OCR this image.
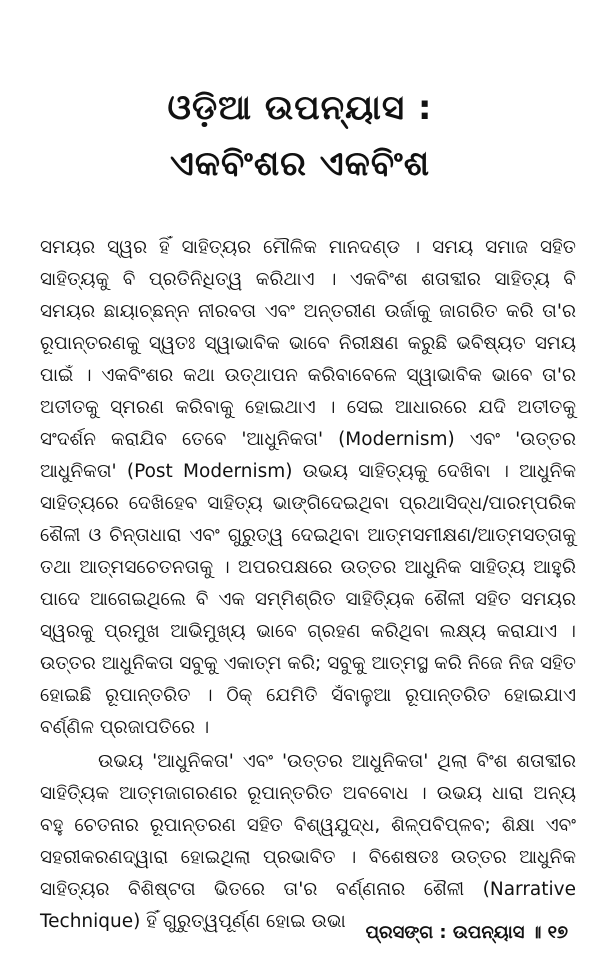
ଓଡ଼ିଆ ଉପନ୍ୟାସ :
ଏକବିଂଶର ଏକବିଂଶ

ସମୟର ସ୍ୱର ହିଁ ସାହିତ୍ୟର ମୌଳିକ ମାନଦଣ୍ଡ । ସମୟ ସମାଜ ସହିତ ସାହିତ୍ୟକୁ ବି ପ୍ରତିନିଧିତ୍ୱ କରିଥାଏ । ଏକବିଂଶ ଶତାବ୍ଦୀର ସାହିତ୍ୟ ବି ସମୟର ଛାୟାଚ୍ଛନ୍ନ ନୀରବତା ଏବଂ ଅନ୍ତରୀଣ ଉର୍ଜାକୁ ଜାଗରିତ କରି ତା'ର ରୂପାନ୍ତରଣକୁ ସ୍ୱତଃ ସ୍ୱାଭାବିକ ଭାବେ ନିରୀକ୍ଷଣ କରୁଛି ଭବିଷ୍ୟତ ସମୟ ପାଇଁ । ଏକବିଂଶର କଥା ଉତ୍‌ଥାପନ କରିବାବେଳେ ସ୍ୱାଭାବିକ ଭାବେ ତା'ର ଅତୀତକୁ ସ୍ମରଣ କରିବାକୁ ହୋଇଥାଏ । ସେଇ ଆଧାରରେ ଯଦି ଅତୀତକୁ ସଂଦର୍ଶନ କରାଯିବ ତେବେ 'ଆଧୁନିକତା' (Modernism) ଏବଂ 'ଉତ୍ତର ଆଧୁନିକତା' (Post Modernism) ଉଭୟ ସାହିତ୍ୟକୁ ଦେଖିବା । ଆଧୁନିକ ସାହିତ୍ୟରେ ଦେଖିହେବ ସାହିତ୍ୟ ଭାଙ୍ଗିଦେଇଥିବା ପ୍ରଥାସିଦ୍ଧ/ପାରମ୍ପରିକ ଶୈଳୀ ଓ ଚିନ୍ତାଧାରା ଏବଂ ଗୁରୁତ୍ୱ ଦେଇଥିବା ଆତ୍ମସମୀକ୍ଷଣ/ଆତ୍ମସତ୍ତାକୁ ତଥା ଆତ୍ମସଚେତନତାକୁ । ଅପରପକ୍ଷରେ ଉତ୍ତର ଆଧୁନିକ ସାହିତ୍ୟ ଆହୁରି ପାଦେ ଆଗେଇଥିଲେ ବି ଏକ ସମ୍ମିଶ୍ରିତ ସାହିତ୍ୟିକ ଶୈଳୀ ସହିତ ସମୟର ସ୍ୱରକୁ ପ୍ରମୁଖ ଆଭିମୁଖ୍ୟ ଭାବେ ଗ୍ରହଣ କରିଥିବା ଲକ୍ଷ୍ୟ କରାଯାଏ । ଉତ୍ତର ଆଧୁନିକତା ସବୁକୁ ଏକାତ୍ମ କରି; ସବୁକୁ ଆତ୍ମସ୍ଥ କରି ନିଜେ ନିଜ ସହିତ ହୋଇଛି ରୂପାନ୍ତରିତ । ଠିକ୍ ଯେମିତି ସଁବାଳୁଆ ରୂପାନ୍ତରିତ ହୋଇଯାଏ ବର୍ଣ୍ଣିଳ ପ୍ରଜାପତିରେ ।

ଉଭୟ 'ଆଧୁନିକତା' ଏବଂ 'ଉତ୍ତର ଆଧୁନିକତା' ଥିଲା ବିଂଶ ଶତାବ୍ଦୀର ସାହିତ୍ୟିକ ଆତ୍ମଜାଗରଣର ରୂପାନ୍ତରିତ ଅବବୋଧ । ଉଭୟ ଧାରା ଅନ୍ୟ ବହୁ ଚେତନାର ରୂପାନ୍ତରଣ ସହିତ ବିଶ୍ୱଯୁଦ୍ଧ, ଶିଳ୍ପବିପ୍ଳବ; ଶିକ୍ଷା ଏବଂ ସହରୀକରଣଦ୍ୱାରା ହୋଇଥିଲା ପ୍ରଭାବିତ । ବିଶେଷତଃ ଉତ୍ତର ଆଧୁନିକ ସାହିତ୍ୟର ବିଶିଷ୍ଟତା ଭିତରେ ତା'ର ବର୍ଣ୍ଣନାର ଶୈଳୀ (Narrative Technique) ହିଁ ଗୁରୁତ୍ୱପୂର୍ଣ୍ଣ ହୋଇ ଉଭା

ପ୍ରସଙ୍ଗ : ଉପନ୍ୟାସ ॥ ୧୭
